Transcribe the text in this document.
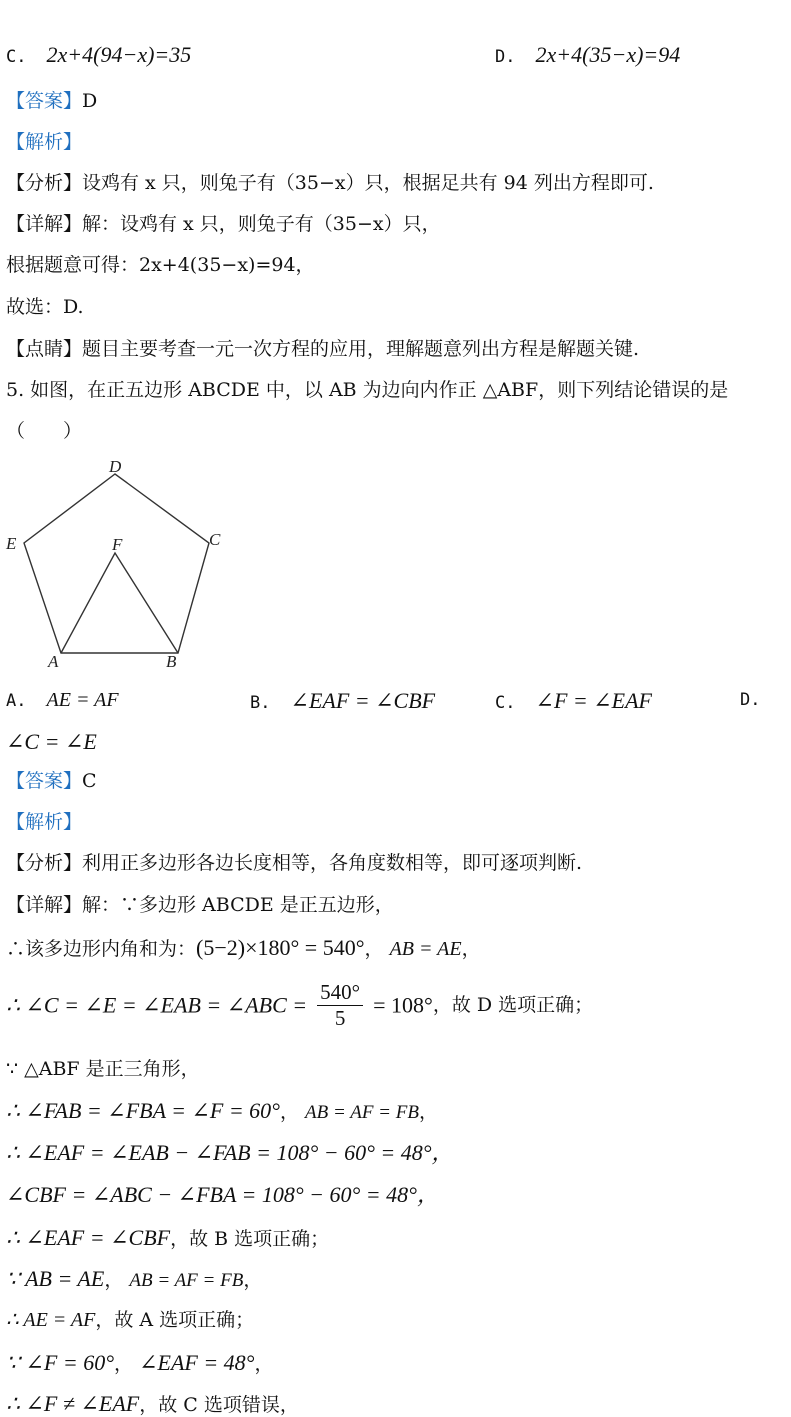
C. 2x+4(94−x)=35	D. 2x+4(35−x)=94
【答案】D
【解析】
【分析】设鸡有 x 只，则兔子有（35−x）只，根据足共有 94 列出方程即可.
【详解】解：设鸡有 x 只，则兔子有（35−x）只，
根据题意可得：2x+4(35−x)=94，
故选：D.
【点睛】题目主要考查一元一次方程的应用，理解题意列出方程是解题关键.
5. 如图，在正五边形 ABCDE 中，以 AB 为边向内作正 △ABF，则下列结论错误的是
（　　）
A	B
C
D
E	F
A. AE = AF	B. ∠EAF = ∠CBF	C. ∠F = ∠EAF	D.
∠C = ∠E
【答案】C
【解析】
【分析】利用正多边形各边长度相等，各角度数相等，即可逐项判断.
【详解】解：∵多边形 ABCDE 是正五边形，
∴该多边形内角和为：(5−2)×180° = 540°， AB = AE，
∴ ∠C = ∠E = ∠EAB = ∠ABC = $\frac{540^\circ}{5} = 108^\circ$，故 D 选项正确；
∵ △ABF 是正三角形，
∴ ∠FAB = ∠FBA = ∠F = 60°， AB = AF = FB，
∴ ∠EAF = ∠EAB − ∠FAB = 108° − 60° = 48°，
∠CBF = ∠ABC − ∠FBA = 108° − 60° = 48°，
∴ ∠EAF = ∠CBF，故 B 选项正确；
∵ AB = AE， AB = AF = FB，
∴ AE = AF，故 A 选项正确；
∵ ∠F = 60°， ∠EAF = 48°，
∴ ∠F ≠ ∠EAF，故 C 选项错误，
